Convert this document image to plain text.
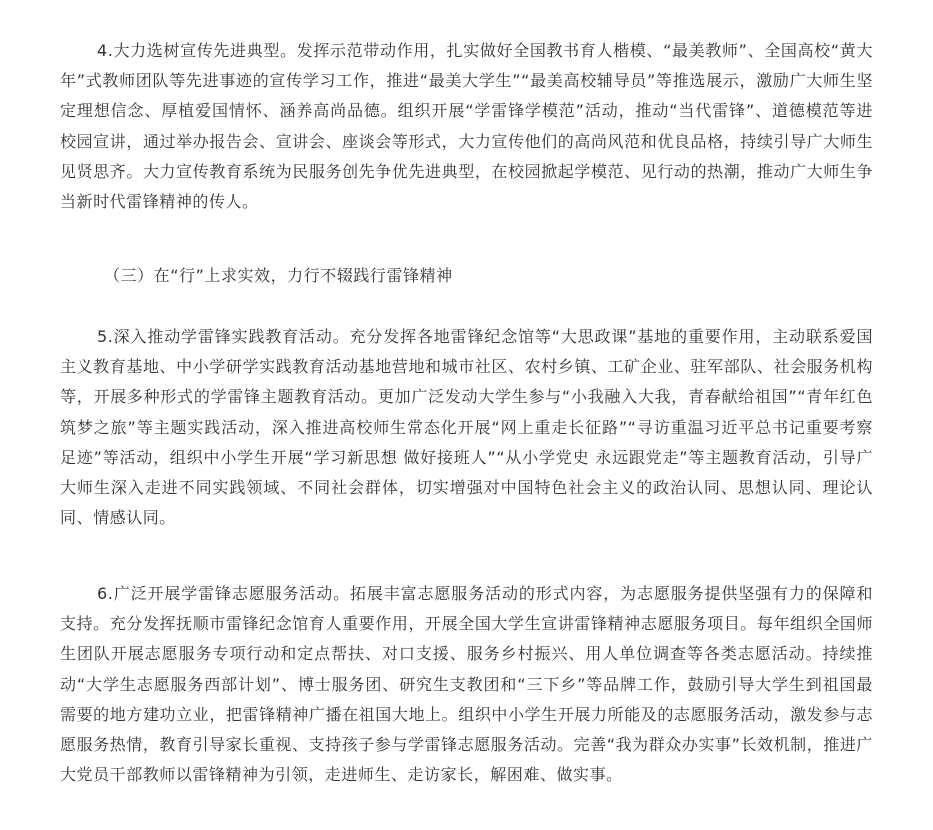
4.大力选树宣传先进典型。发挥示范带动作用，扎实做好全国教书育人楷模、“最美教师”、全国高校“黄大年”式教师团队等先进事迹的宣传学习工作，推进“最美大学生”“最美高校辅导员”等推选展示，激励广大师生坚定理想信念、厚植爱国情怀、涵养高尚品德。组织开展“学雷锋学模范”活动，推动“当代雷锋”、道德模范等进校园宣讲，通过举办报告会、宣讲会、座谈会等形式，大力宣传他们的高尚风范和优良品格，持续引导广大师生见贤思齐。大力宣传教育系统为民服务创先争优先进典型，在校园掀起学模范、见行动的热潮，推动广大师生争当新时代雷锋精神的传人。

（三）在“行”上求实效，力行不辍践行雷锋精神

5.深入推动学雷锋实践教育活动。充分发挥各地雷锋纪念馆等“大思政课”基地的重要作用，主动联系爱国主义教育基地、中小学研学实践教育活动基地营地和城市社区、农村乡镇、工矿企业、驻军部队、社会服务机构等，开展多种形式的学雷锋主题教育活动。更加广泛发动大学生参与“小我融入大我，青春献给祖国”“青年红色筑梦之旅”等主题实践活动，深入推进高校师生常态化开展“网上重走长征路”“寻访重温习近平总书记重要考察足迹”等活动，组织中小学生开展“学习新思想 做好接班人”“从小学党史 永远跟党走”等主题教育活动，引导广大师生深入走进不同实践领域、不同社会群体，切实增强对中国特色社会主义的政治认同、思想认同、理论认同、情感认同。

6.广泛开展学雷锋志愿服务活动。拓展丰富志愿服务活动的形式内容，为志愿服务提供坚强有力的保障和支持。充分发挥抚顺市雷锋纪念馆育人重要作用，开展全国大学生宣讲雷锋精神志愿服务项目。每年组织全国师生团队开展志愿服务专项行动和定点帮扶、对口支援、服务乡村振兴、用人单位调查等各类志愿活动。持续推动“大学生志愿服务西部计划”、博士服务团、研究生支教团和“三下乡”等品牌工作，鼓励引导大学生到祖国最需要的地方建功立业，把雷锋精神广播在祖国大地上。组织中小学生开展力所能及的志愿服务活动，激发参与志愿服务热情，教育引导家长重视、支持孩子参与学雷锋志愿服务活动。完善“我为群众办实事”长效机制，推进广大党员干部教师以雷锋精神为引领，走进师生、走访家长，解困难、做实事。
